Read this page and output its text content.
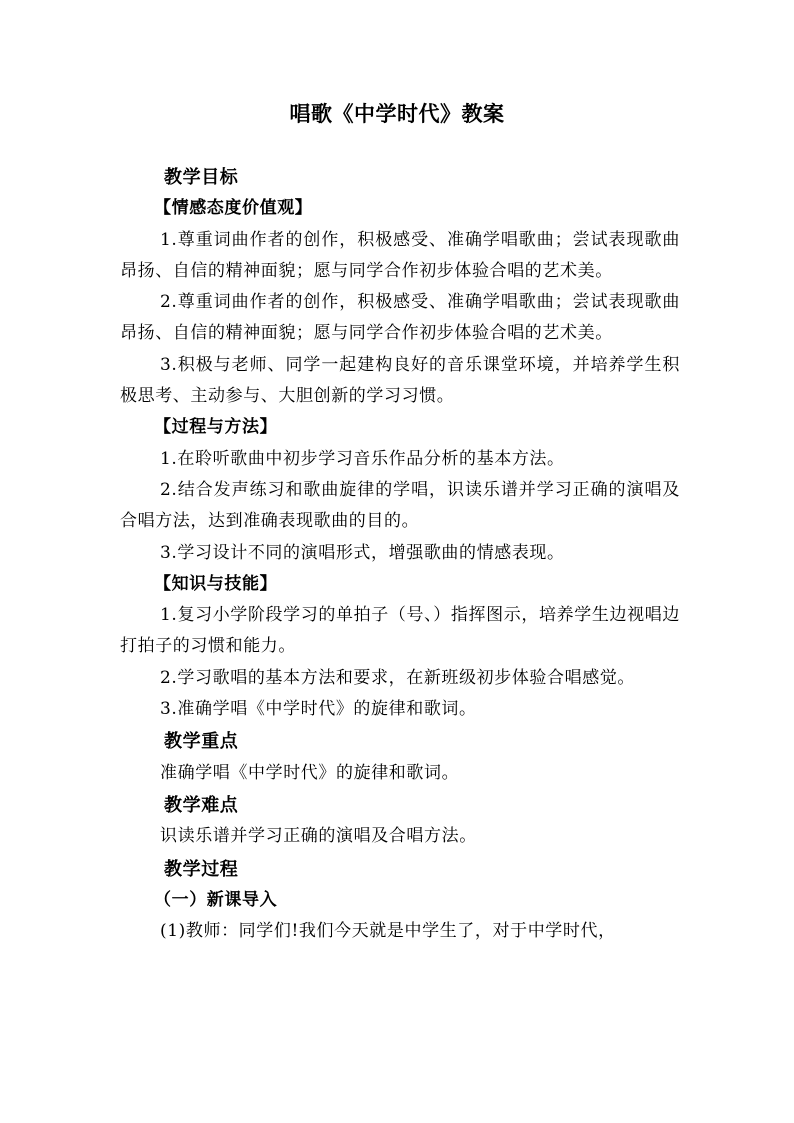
唱歌《中学时代》教案

教学目标

【情感态度价值观】

1.尊重词曲作者的创作，积极感受、准确学唱歌曲；尝试表现歌曲昂扬、自信的精神面貌；愿与同学合作初步体验合唱的艺术美。

2.尊重词曲作者的创作，积极感受、准确学唱歌曲；尝试表现歌曲昂扬、自信的精神面貌；愿与同学合作初步体验合唱的艺术美。

3.积极与老师、同学一起建构良好的音乐课堂环境，并培养学生积极思考、主动参与、大胆创新的学习习惯。

【过程与方法】

1.在聆听歌曲中初步学习音乐作品分析的基本方法。

2.结合发声练习和歌曲旋律的学唱，识读乐谱并学习正确的演唱及合唱方法，达到准确表现歌曲的目的。

3.学习设计不同的演唱形式，增强歌曲的情感表现。

【知识与技能】

1.复习小学阶段学习的单拍子（号、）指挥图示，培养学生边视唱边打拍子的习惯和能力。

2.学习歌唱的基本方法和要求，在新班级初步体验合唱感觉。

3.准确学唱《中学时代》的旋律和歌词。

教学重点

准确学唱《中学时代》的旋律和歌词。

教学难点

识读乐谱并学习正确的演唱及合唱方法。

教学过程

（一）新课导入

(1)教师：同学们!我们今天就是中学生了，对于中学时代，
